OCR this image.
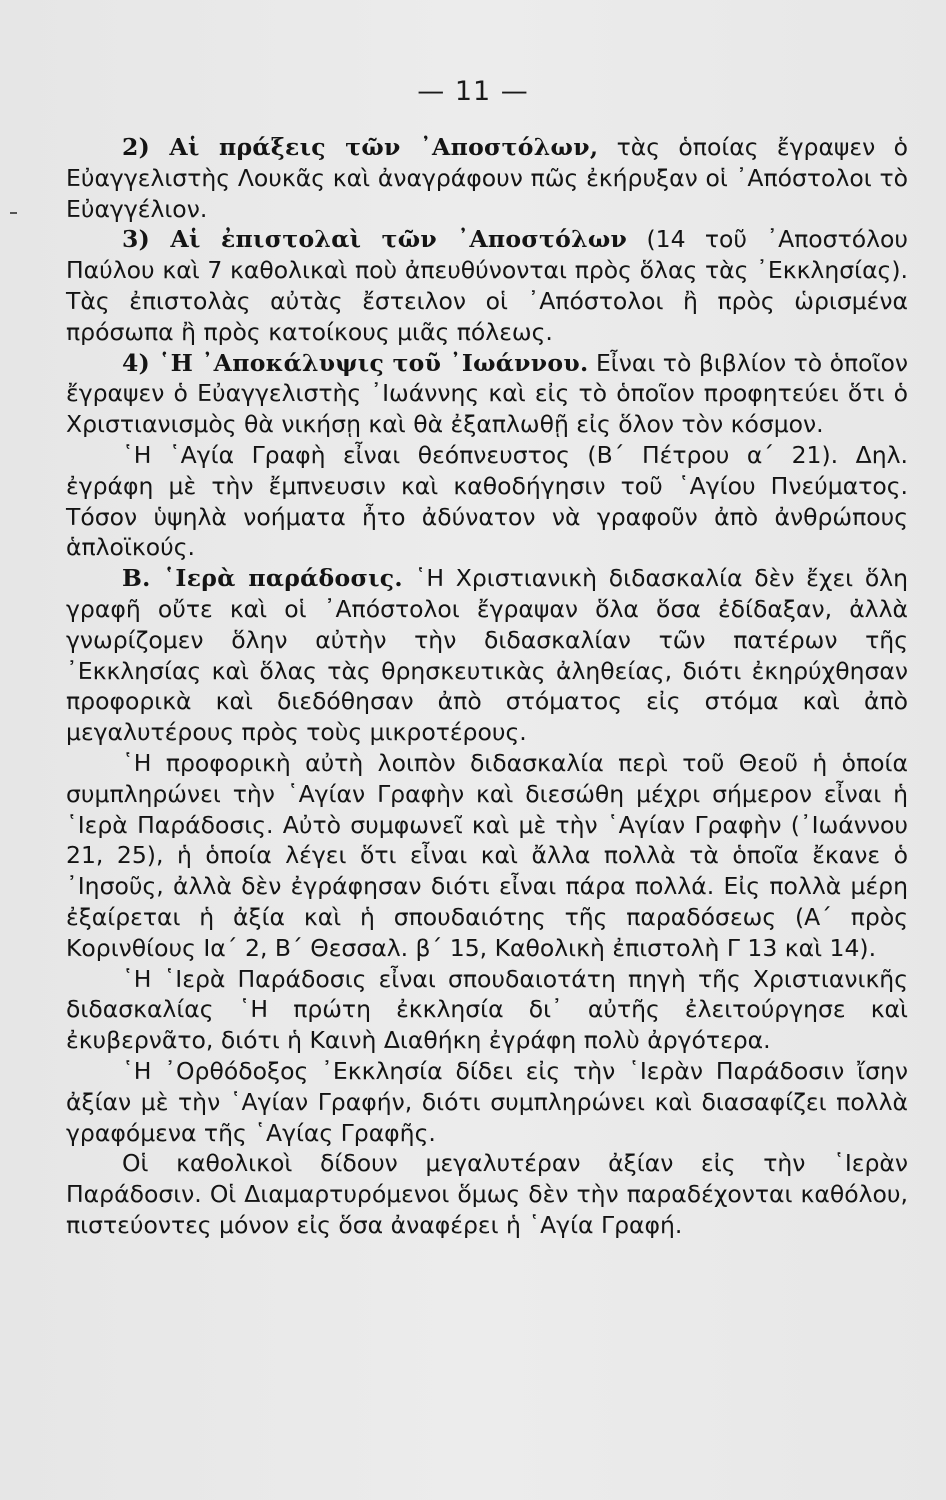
— 11 —

2) Αἱ πράξεις τῶν ᾽Αποστόλων, τὰς ὁποίας ἔγραψεν ὁ Εὐαγγελιστὴς Λουκᾶς καὶ ἀναγράφουν πῶς ἐκήρυξαν οἱ ᾽Απόστολοι τὸ Εὐαγγέλιον.

3) Αἱ ἐπιστολαὶ τῶν ᾽Αποστόλων (14 τοῦ ᾽Αποστόλου Παύλου καὶ 7 καθολικαὶ ποὺ ἀπευθύνονται πρὸς ὅλας τὰς ᾽Εκκλησίας). Τὰς ἐπιστολὰς αὐτὰς ἔστειλον οἱ ᾽Απόστολοι ἢ πρὸς ὡρισμένα πρόσωπα ἢ πρὸς κατοίκους μιᾶς πόλεως.

4) ῾Η ᾽Αποκάλυψις τοῦ ᾽Ιωάννου. Εἶναι τὸ βιβλίον τὸ ὁποῖον ἔγραψεν ὁ Εὐαγγελιστὴς ᾽Ιωάννης καὶ εἰς τὸ ὁποῖον προφητεύει ὅτι ὁ Χριστιανισμὸς θὰ νικήσῃ καὶ θὰ ἐξαπλωθῇ εἰς ὅλον τὸν κόσμον.

῾Η ῾Αγία Γραφὴ εἶναι θεόπνευστος (Β΄ Πέτρου α΄ 21). Δηλ. ἐγράφη μὲ τὴν ἔμπνευσιν καὶ καθοδήγησιν τοῦ ῾Αγίου Πνεύματος. Τόσον ὑψηλὰ νοήματα ἦτο ἀδύνατον νὰ γραφοῦν ἀπὸ ἀνθρώπους ἁπλοϊκούς.

Β. ῾Ιερὰ παράδοσις. ῾Η Χριστιανικὴ διδασκαλία δὲν ἔχει ὅλη γραφῆ οὔτε καὶ οἱ ᾽Απόστολοι ἔγραψαν ὅλα ὅσα ἐδίδαξαν, ἀλλὰ γνωρίζομεν ὅλην αὐτὴν τὴν διδασκαλίαν τῶν πατέρων τῆς ᾽Εκκλησίας καὶ ὅλας τὰς θρησκευτικὰς ἀληθείας, διότι ἐκηρύχθησαν προφορικὰ καὶ διεδόθησαν ἀπὸ στόματος εἰς στόμα καὶ ἀπὸ μεγαλυτέρους πρὸς τοὺς μικροτέρους.

῾Η προφορικὴ αὐτὴ λοιπὸν διδασκαλία περὶ τοῦ Θεοῦ ἡ ὁποία συμπληρώνει τὴν ῾Αγίαν Γραφὴν καὶ διεσώθη μέχρι σήμερον εἶναι ἡ ῾Ιερὰ Παράδοσις. Αὐτὸ συμφωνεῖ καὶ μὲ τὴν ῾Αγίαν Γραφὴν (᾽Ιωάννου 21, 25), ἡ ὁποία λέγει ὅτι εἶναι καὶ ἄλλα πολλὰ τὰ ὁποῖα ἔκανε ὁ ᾽Ιησοῦς, ἀλλὰ δὲν ἐγράφησαν διότι εἶναι πάρα πολλά. Εἰς πολλὰ μέρη ἐξαίρεται ἡ ἀξία καὶ ἡ σπουδαιότης τῆς παραδόσεως (Α΄ πρὸς Κορινθίους Ια΄ 2, Β΄ Θεσσαλ. β΄ 15, Καθολικὴ ἐπιστολὴ Γ 13 καὶ 14).

῾Η ῾Ιερὰ Παράδοσις εἶναι σπουδαιοτάτη πηγὴ τῆς Χριστιανικῆς διδασκαλίας ῾Η πρώτη ἐκκλησία δι᾽ αὐτῆς ἐλειτούργησε καὶ ἐκυβερνᾶτο, διότι ἡ Καινὴ Διαθήκη ἐγράφη πολὺ ἀργότερα.

῾Η ᾽Ορθόδοξος ᾽Εκκλησία δίδει εἰς τὴν ῾Ιερὰν Παράδοσιν ἴσην ἀξίαν μὲ τὴν ῾Αγίαν Γραφήν, διότι συμπληρώνει καὶ διασαφίζει πολλὰ γραφόμενα τῆς ῾Αγίας Γραφῆς.

Οἱ καθολικοὶ δίδουν μεγαλυτέραν ἀξίαν εἰς τὴν ῾Ιερὰν Παράδοσιν. Οἱ Διαμαρτυρόμενοι ὅμως δὲν τὴν παραδέχονται καθόλου, πιστεύοντες μόνον εἰς ὅσα ἀναφέρει ἡ ῾Αγία Γραφή.
